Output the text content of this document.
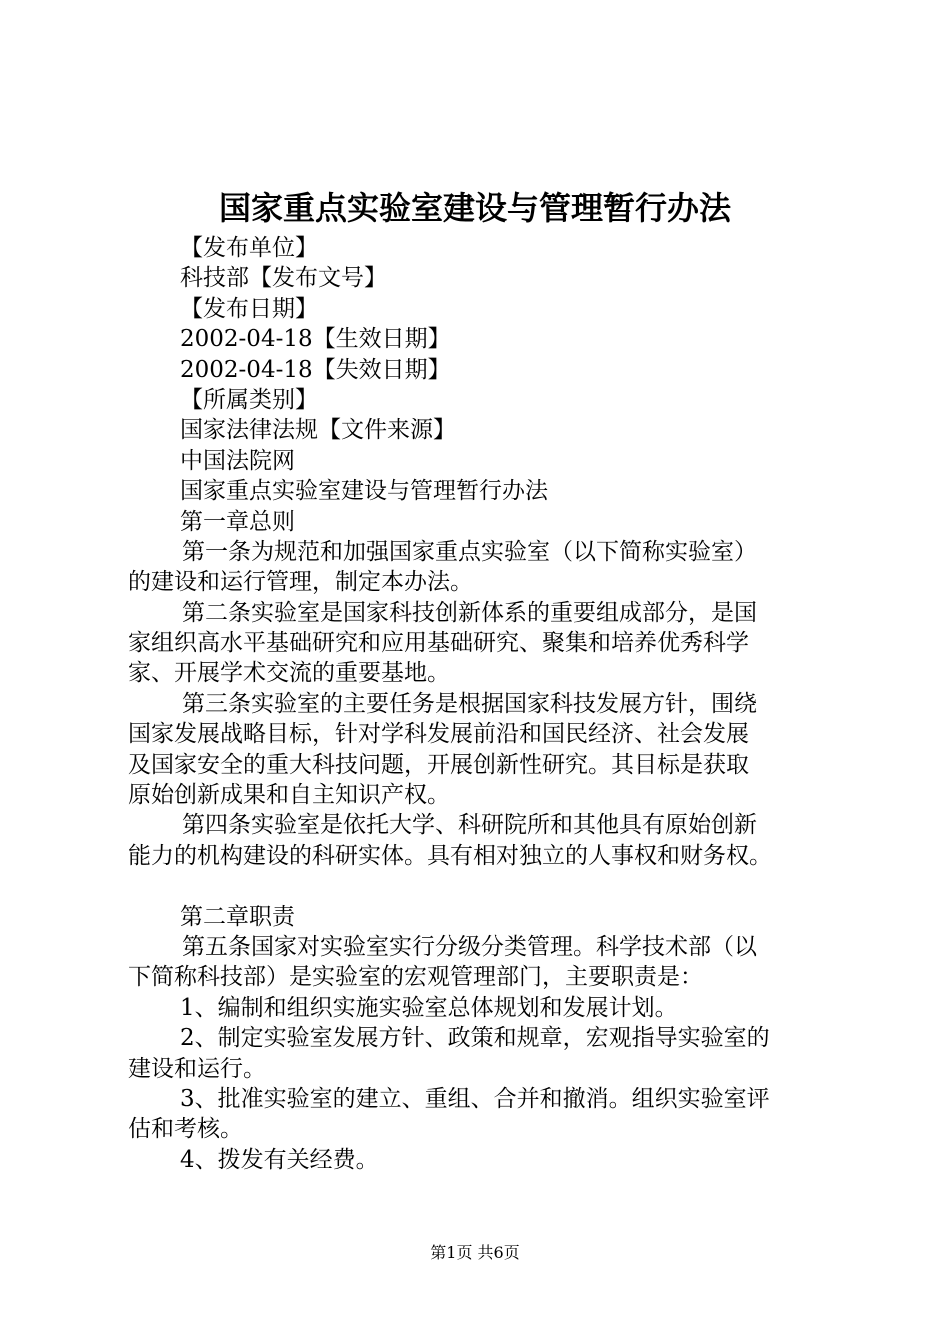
国家重点实验室建设与管理暂行办法
【发布单位】
科技部【发布文号】
【发布日期】
2002-04-18【生效日期】
2002-04-18【失效日期】
【所属类别】
国家法律法规【文件来源】
中国法院网
国家重点实验室建设与管理暂行办法
第一章总则
第一条为规范和加强国家重点实验室（以下简称实验室）
的建设和运行管理，制定本办法。
第二条实验室是国家科技创新体系的重要组成部分，是国
家组织高水平基础研究和应用基础研究、聚集和培养优秀科学
家、开展学术交流的重要基地。
第三条实验室的主要任务是根据国家科技发展方针，围绕
国家发展战略目标，针对学科发展前沿和国民经济、社会发展
及国家安全的重大科技问题，开展创新性研究。其目标是获取
原始创新成果和自主知识产权。
第四条实验室是依托大学、科研院所和其他具有原始创新
能力的机构建设的科研实体。具有相对独立的人事权和财务权。
第二章职责
第五条国家对实验室实行分级分类管理。科学技术部（以
下简称科技部）是实验室的宏观管理部门，主要职责是：
1、编制和组织实施实验室总体规划和发展计划。
2、制定实验室发展方针、政策和规章，宏观指导实验室的
建设和运行。
3、批准实验室的建立、重组、合并和撤消。组织实验室评
估和考核。
4、拨发有关经费。
第1页 共6页
